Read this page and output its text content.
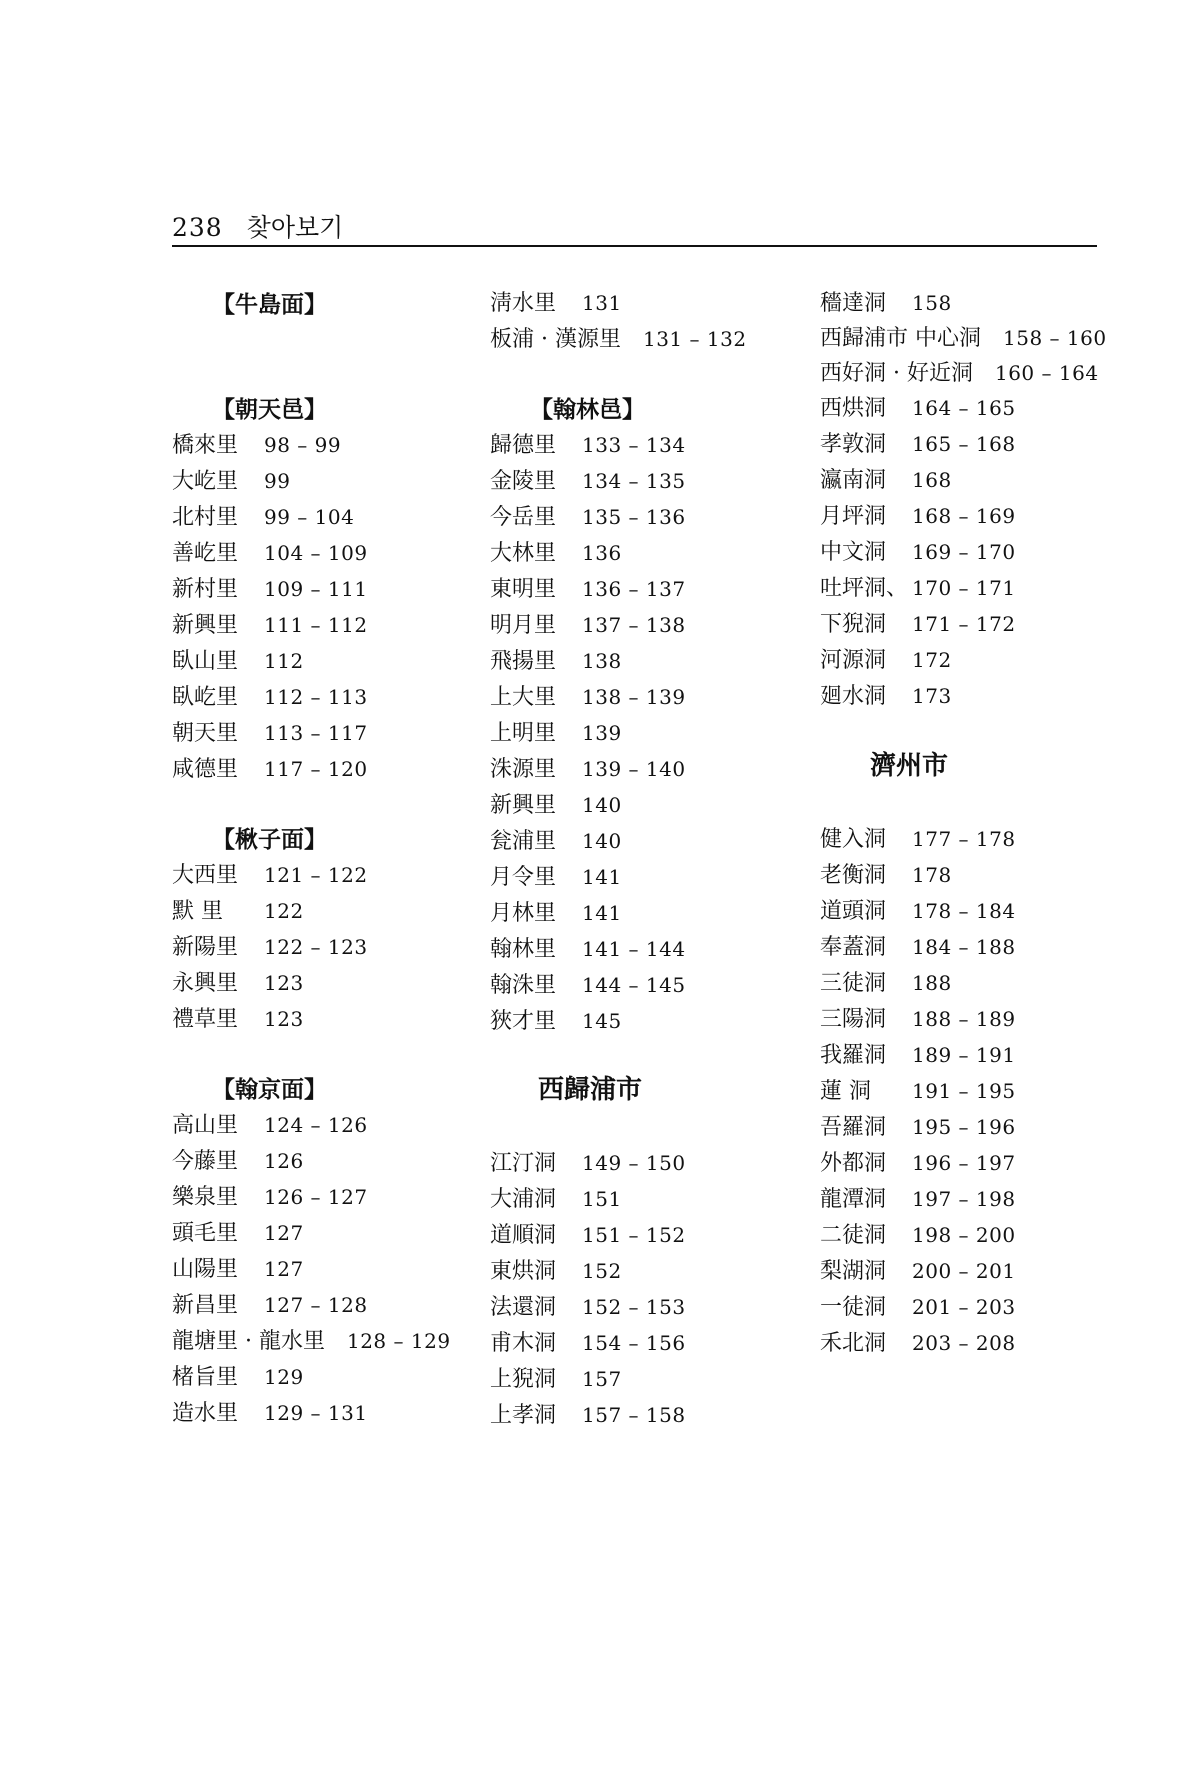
238 찾아보기
【牛島面】
【朝天邑】
橋來里 98 – 99
大屹里 99
北村里 99 – 104
善屹里 104 – 109
新村里 109 – 111
新興里 111 – 112
臥山里 112
臥屹里 112 – 113
朝天里 113 – 117
咸德里 117 – 120
【楸子面】
大西里 121 – 122
默 里 122
新陽里 122 – 123
永興里 123
禮草里 123
【翰京面】
高山里 124 – 126
今藤里 126
樂泉里 126 – 127
頭毛里 127
山陽里 127
新昌里 127 – 128
龍塘里 · 龍水里 128 – 129
楮旨里 129
造水里 129 – 131
淸水里 131
板浦 · 漢源里 131 – 132
【翰林邑】
歸德里 133 – 134
金陵里 134 – 135
今岳里 135 – 136
大林里 136
東明里 136 – 137
明月里 137 – 138
飛揚里 138
上大里 138 – 139
上明里 139
洙源里 139 – 140
新興里 140
瓮浦里 140
月令里 141
月林里 141
翰林里 141 – 144
翰洙里 144 – 145
狹才里 145
西歸浦市
江汀洞 149 – 150
大浦洞 151
道順洞 151 – 152
東烘洞 152
法還洞 152 – 153
甫木洞 154 – 156
上猊洞 157
上孝洞 157 – 158
穡達洞 158
西歸浦市 中心洞 158 – 160
西好洞 · 好近洞 160 – 164
西烘洞 164 – 165
孝敦洞 165 – 168
瀛南洞 168
月坪洞 168 – 169
中文洞 169 – 170
吐坪洞、 170 – 171
下猊洞 171 – 172
河源洞 172
廻水洞 173
濟州市
健入洞 177 – 178
老衡洞 178
道頭洞 178 – 184
奉蓋洞 184 – 188
三徒洞 188
三陽洞 188 – 189
我羅洞 189 – 191
蓮 洞 191 – 195
吾羅洞 195 – 196
外都洞 196 – 197
龍潭洞 197 – 198
二徒洞 198 – 200
梨湖洞 200 – 201
一徒洞 201 – 203
禾北洞 203 – 208
